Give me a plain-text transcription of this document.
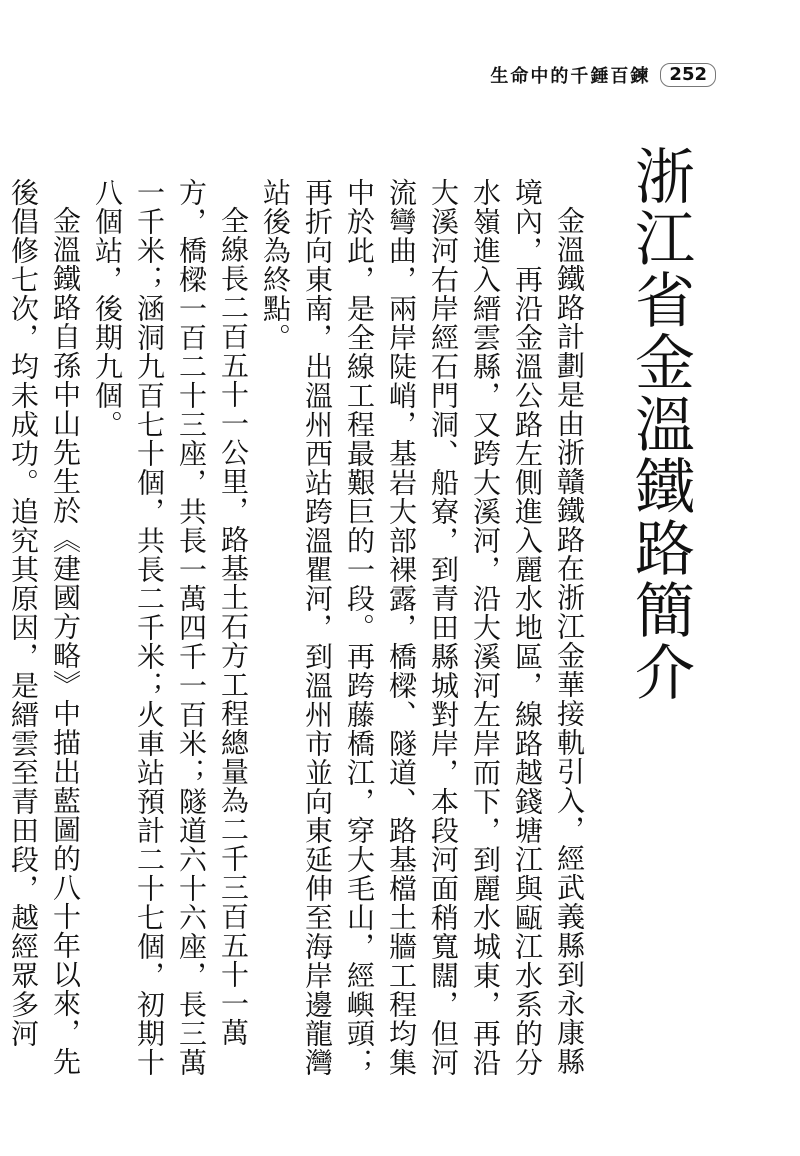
生命中的千錘百鍊	252
浙江省金溫鐵路簡介

金溫鐵路計劃是由浙贛鐵路在浙江金華接軌引入，經武義縣到永康縣境內，再沿金溫公路左側進入麗水地區，線路越錢塘江與甌江水系的分水嶺進入縉雲縣，又跨大溪河，沿大溪河左岸而下，到麗水城東，再沿大溪河右岸經石門洞、船寮，到青田縣城對岸，本段河面稍寬闊，但河流彎曲，兩岸陡峭，基岩大部裸露，橋樑、隧道、路基檔土牆工程均集中於此，是全線工程最艱巨的一段。再跨藤橋江，穿大毛山，經嶼頭；再折向東南，出溫州西站跨溫瞿河，到溫州市並向東延伸至海岸邊龍灣站後為終點。

全線長二百五十一公里，路基土石方工程總量為二千三百五十一萬方，橋樑一百二十三座，共長一萬四千一百米；隧道六十六座，長三萬一千米；涵洞九百七十個，共長二千米；火車站預計二十七個，初期十八個站，後期九個。

金溫鐵路自孫中山先生於《建國方略》中描出藍圖的八十年以來，先後倡修七次，均未成功。追究其原因，是縉雲至青田段，越經眾多河
